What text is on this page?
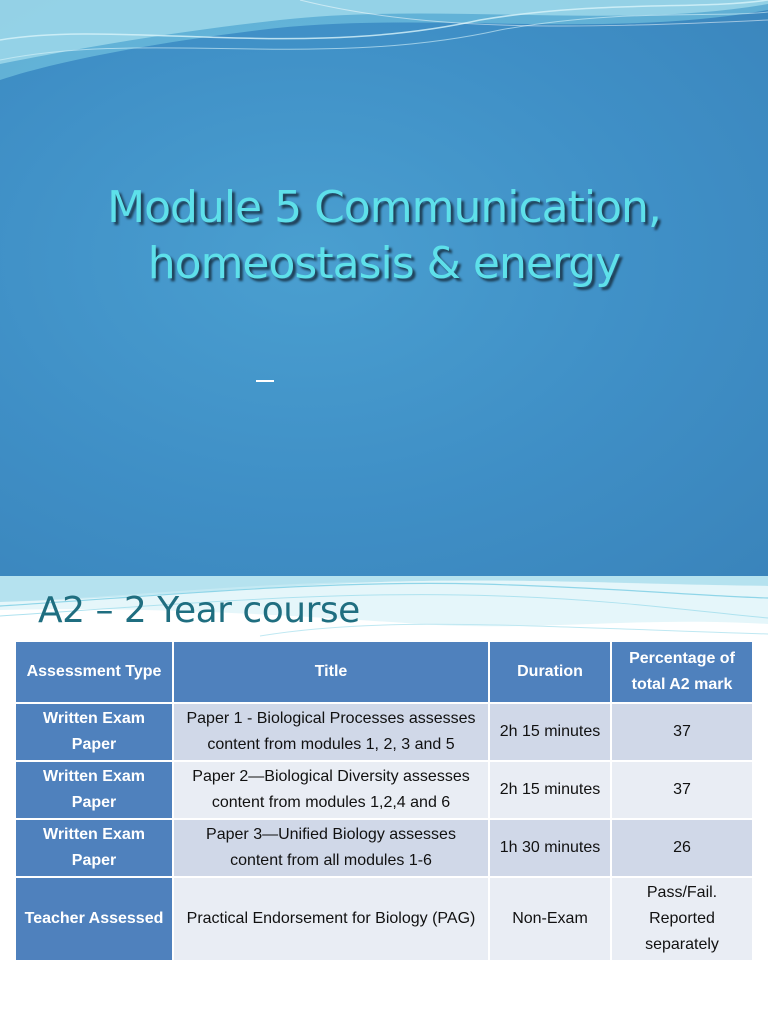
Module 5 Communication,
homeostasis & energy
A2 – 2 Year course
Assessment Type	Title	Duration	Percentage of total A2 mark
Written Exam Paper	Paper 1 - Biological Processes assesses content from modules 1, 2, 3 and 5	2h 15 minutes	37
Written Exam Paper	Paper 2—Biological Diversity assesses content from modules 1,2,4 and 6	2h 15 minutes	37
Written Exam Paper	Paper 3—Unified Biology assesses content from all modules 1-6	1h 30 minutes	26
Teacher Assessed	Practical Endorsement for Biology (PAG)	Non-Exam	Pass/Fail. Reported separately
